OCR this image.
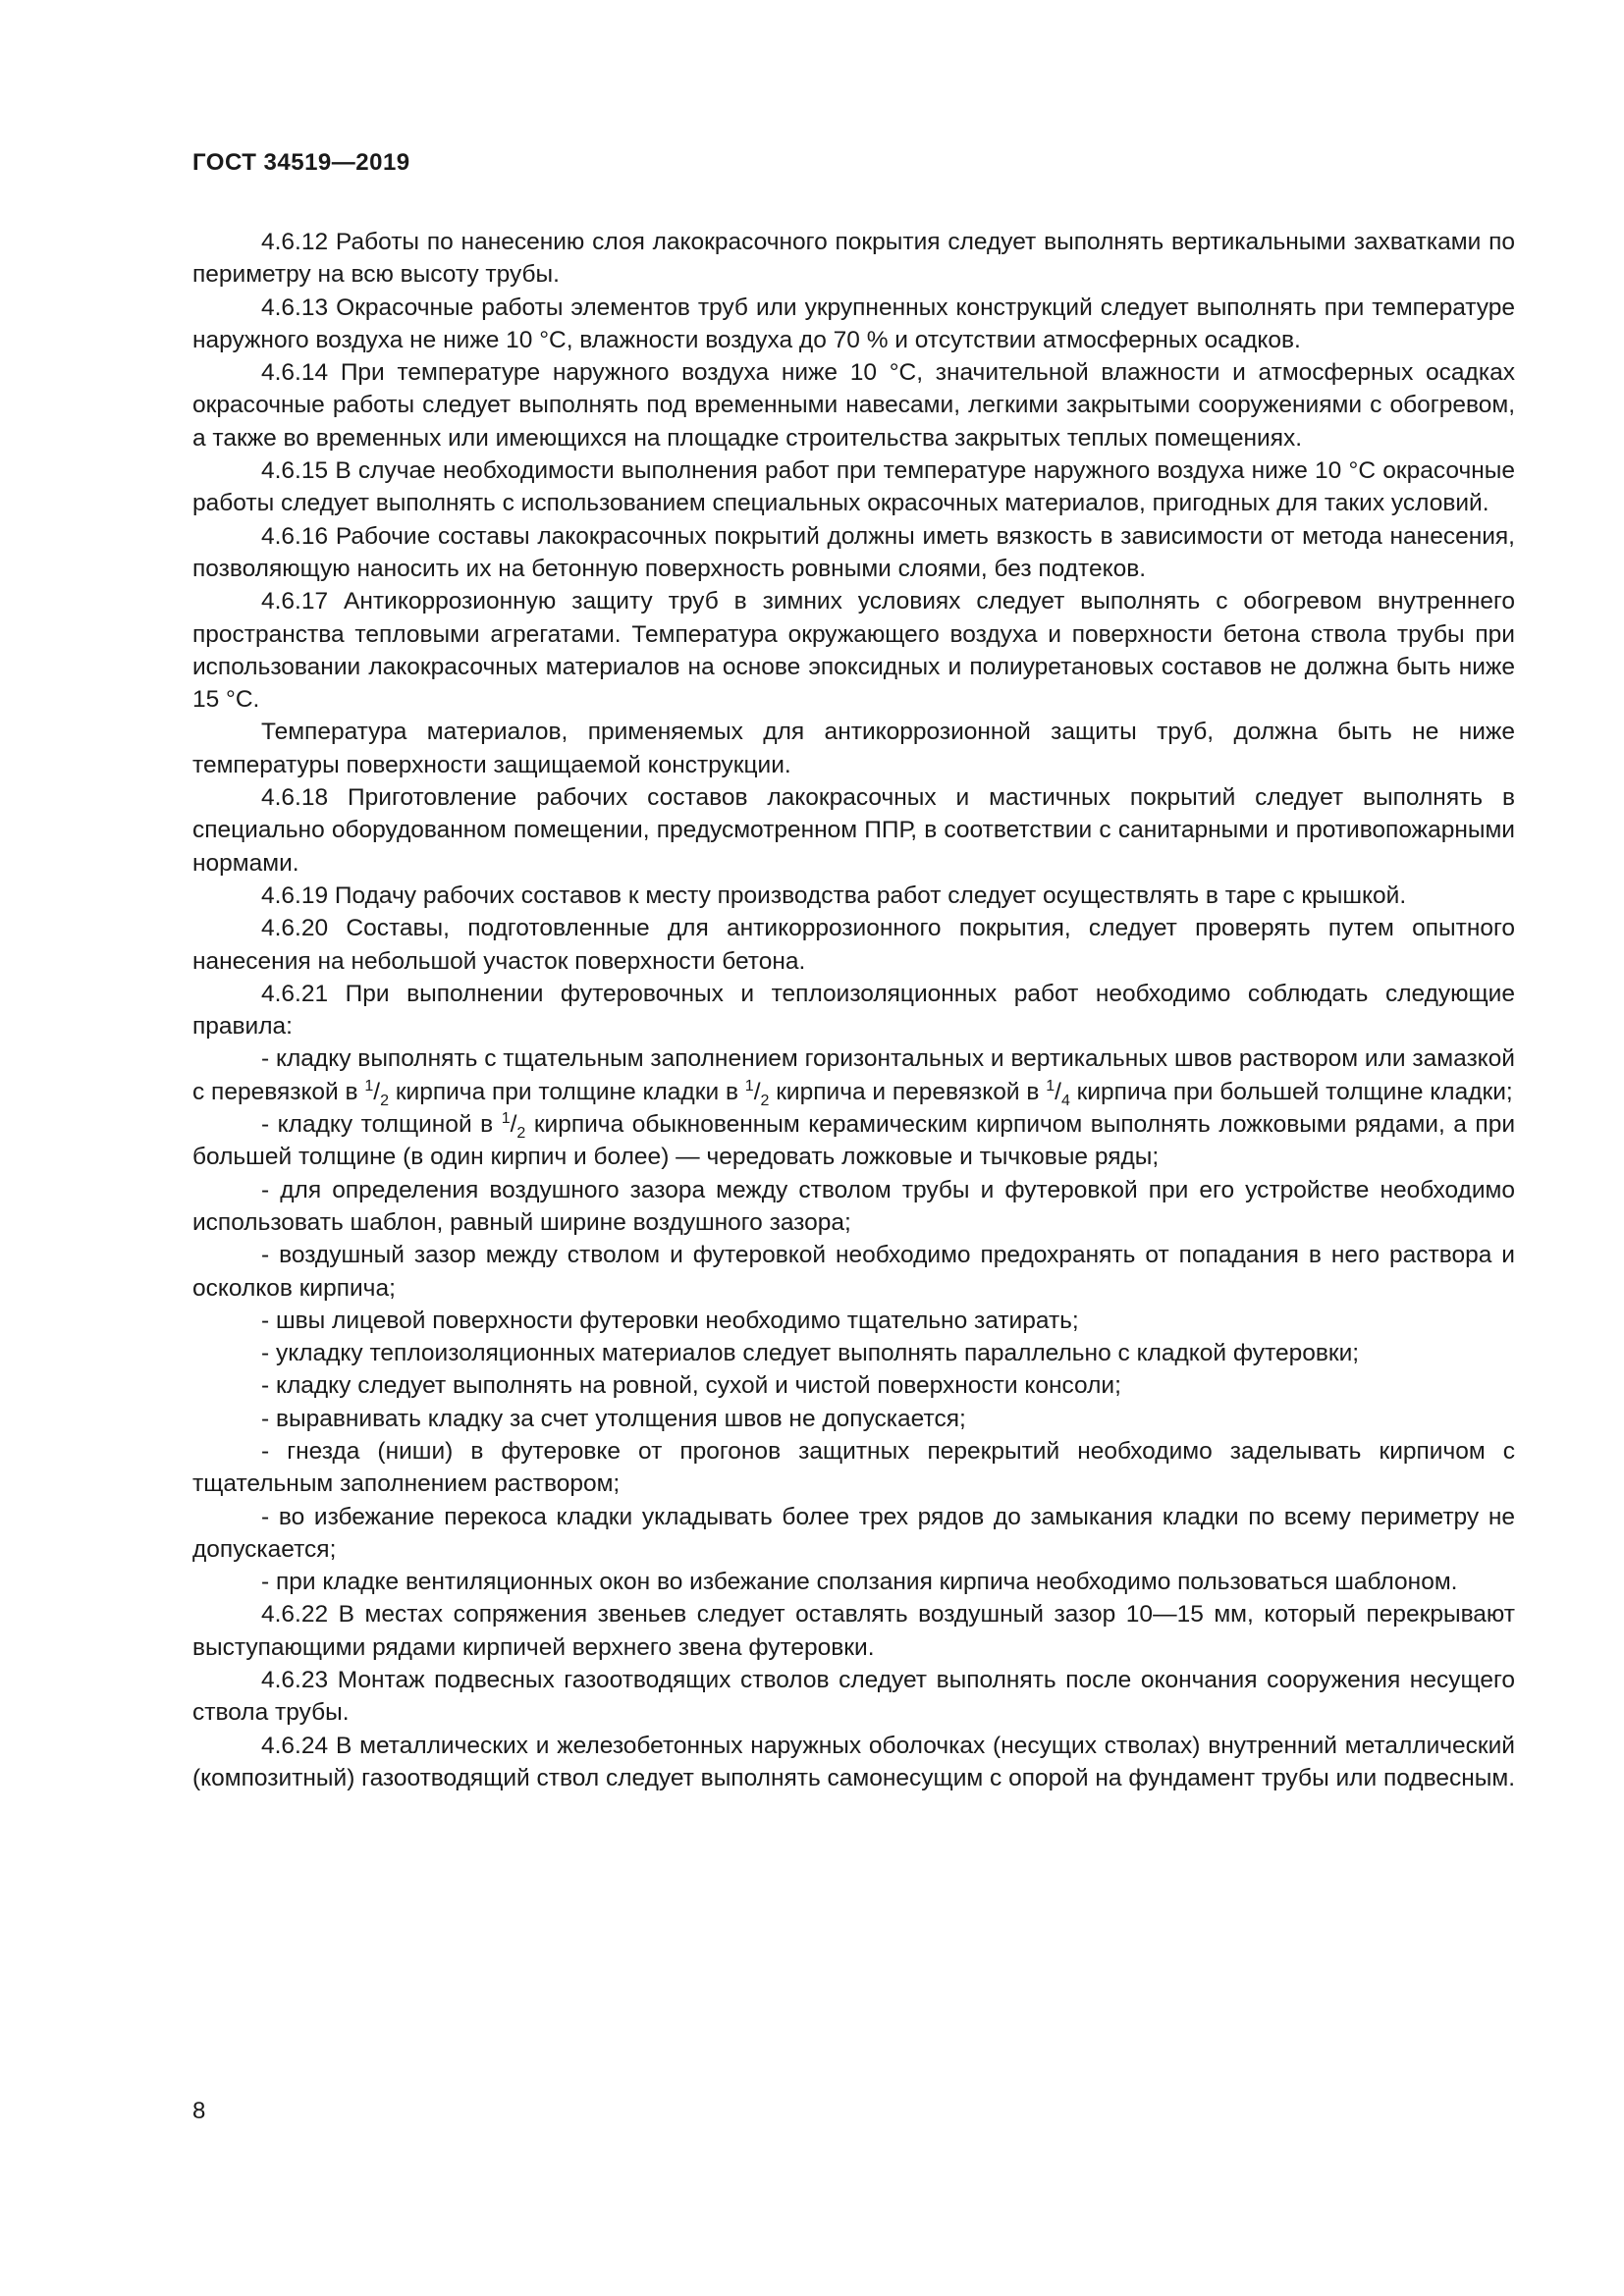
ГОСТ 34519—2019

4.6.12 Работы по нанесению слоя лакокрасочного покрытия следует выполнять вертикальными захватками по периметру на всю высоту трубы.

4.6.13 Окрасочные работы элементов труб или укрупненных конструкций следует выполнять при температуре наружного воздуха не ниже 10 °С, влажности воздуха до 70 % и отсутствии атмосферных осадков.

4.6.14 При температуре наружного воздуха ниже 10 °С, значительной влажности и атмосферных осадках окрасочные работы следует выполнять под временными навесами, легкими закрытыми сооружениями с обогревом, а также во временных или имеющихся на площадке строительства закрытых теплых помещениях.

4.6.15 В случае необходимости выполнения работ при температуре наружного воздуха ниже 10 °С окрасочные работы следует выполнять с использованием специальных окрасочных материалов, пригодных для таких условий.

4.6.16 Рабочие составы лакокрасочных покрытий должны иметь вязкость в зависимости от метода нанесения, позволяющую наносить их на бетонную поверхность ровными слоями, без подтеков.

4.6.17 Антикоррозионную защиту труб в зимних условиях следует выполнять с обогревом внутреннего пространства тепловыми агрегатами. Температура окружающего воздуха и поверхности бетона ствола трубы при использовании лакокрасочных материалов на основе эпоксидных и полиуретановых составов не должна быть ниже 15 °С.

Температура материалов, применяемых для антикоррозионной защиты труб, должна быть не ниже температуры поверхности защищаемой конструкции.

4.6.18 Приготовление рабочих составов лакокрасочных и мастичных покрытий следует выполнять в специально оборудованном помещении, предусмотренном ППР, в соответствии с санитарными и противопожарными нормами.

4.6.19 Подачу рабочих составов к месту производства работ следует осуществлять в таре с крышкой.

4.6.20 Составы, подготовленные для антикоррозионного покрытия, следует проверять путем опытного нанесения на небольшой участок поверхности бетона.

4.6.21 При выполнении футеровочных и теплоизоляционных работ необходимо соблюдать следующие правила:

- кладку выполнять с тщательным заполнением горизонтальных и вертикальных швов раствором или замазкой с перевязкой в $^1/_2$ кирпича при толщине кладки в $^1/_2$ кирпича и перевязкой в $^1/_4$ кирпича при большей толщине кладки;

- кладку толщиной в $^1/_2$ кирпича обыкновенным керамическим кирпичом выполнять ложковыми рядами, а при большей толщине (в один кирпич и более) — чередовать ложковые и тычковые ряды;

- для определения воздушного зазора между стволом трубы и футеровкой при его устройстве необходимо использовать шаблон, равный ширине воздушного зазора;

- воздушный зазор между стволом и футеровкой необходимо предохранять от попадания в него раствора и осколков кирпича;

- швы лицевой поверхности футеровки необходимо тщательно затирать;

- укладку теплоизоляционных материалов следует выполнять параллельно с кладкой футеровки;

- кладку следует выполнять на ровной, сухой и чистой поверхности консоли;

- выравнивать кладку за счет утолщения швов не допускается;

- гнезда (ниши) в футеровке от прогонов защитных перекрытий необходимо заделывать кирпичом с тщательным заполнением раствором;

- во избежание перекоса кладки укладывать более трех рядов до замыкания кладки по всему периметру не допускается;

- при кладке вентиляционных окон во избежание сползания кирпича необходимо пользоваться шаблоном.

4.6.22 В местах сопряжения звеньев следует оставлять воздушный зазор 10—15 мм, который перекрывают выступающими рядами кирпичей верхнего звена футеровки.

4.6.23 Монтаж подвесных газоотводящих стволов следует выполнять после окончания сооружения несущего ствола трубы.

4.6.24 В металлических и железобетонных наружных оболочках (несущих стволах) внутренний металлический (композитный) газоотводящий ствол следует выполнять самонесущим с опорой на фундамент трубы или подвесным.

8
